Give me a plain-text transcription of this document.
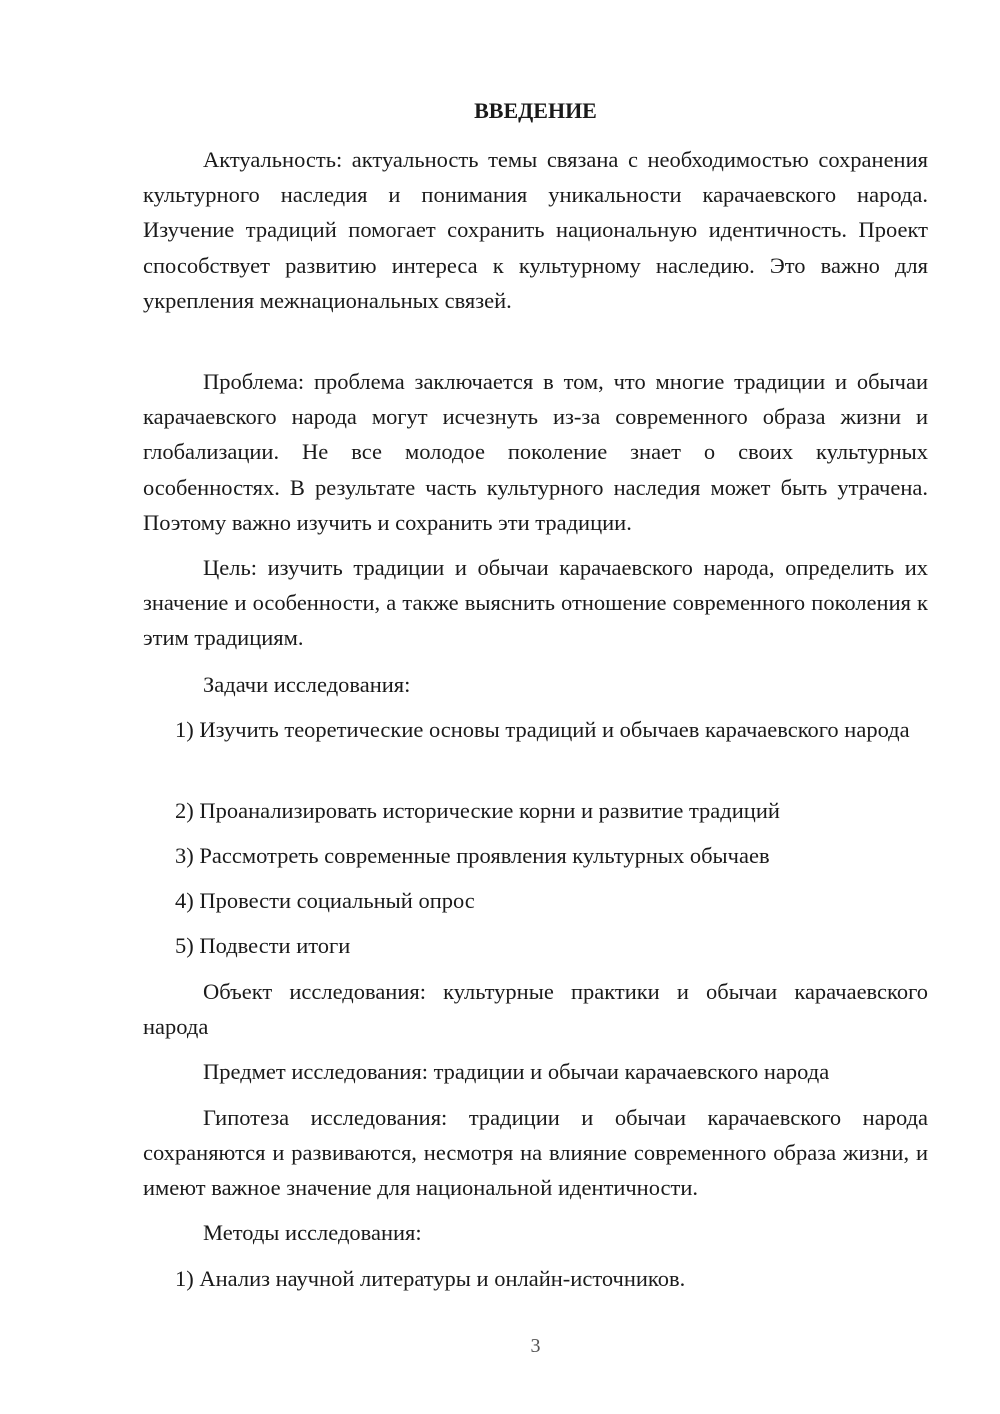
ВВЕДЕНИЕ

Актуальность: актуальность темы связана с необходимостью сохранения культурного наследия и понимания уникальности карачаевского народа. Изучение традиций помогает сохранить национальную идентичность. Проект способствует развитию интереса к культурному наследию. Это важно для укрепления межнациональных связей.

Проблема: проблема заключается в том, что многие традиции и обычаи карачаевского народа могут исчезнуть из-за современного образа жизни и глобализации. Не все молодое поколение знает о своих культурных особенностях. В результате часть культурного наследия может быть утрачена. Поэтому важно изучить и сохранить эти традиции.

Цель: изучить традиции и обычаи карачаевского народа, определить их значение и особенности, а также выяснить отношение современного поколения к этим традициям.

Задачи исследования:

1) Изучить теоретические основы традиций и обычаев карачаевского народа

2) Проанализировать исторические корни и развитие традиций

3) Рассмотреть современные проявления культурных обычаев

4) Провести социальный опрос

5) Подвести итоги

Объект исследования: культурные практики и обычаи карачаевского народа

Предмет исследования: традиции и обычаи карачаевского народа

Гипотеза исследования: традиции и обычаи карачаевского народа сохраняются и развиваются, несмотря на влияние современного образа жизни, и имеют важное значение для национальной идентичности.

Методы исследования:

1) Анализ научной литературы и онлайн-источников.

3
